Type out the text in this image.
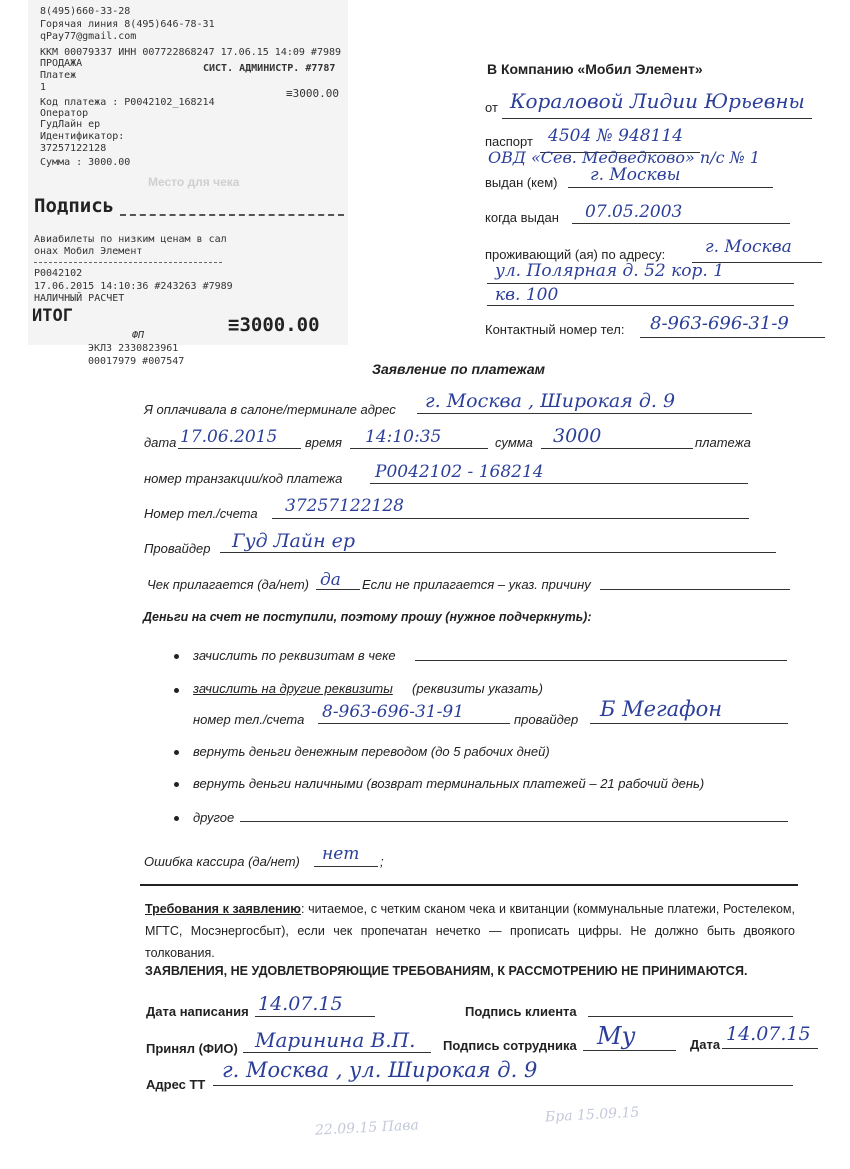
8(495)660-33-28
Горячая линия 8(495)646-78-31
qPay77@gmail.com
ККМ 00079337 ИНН 007722868247 17.06.15 14:09 #7989
ПРОДАЖА
Платеж
1
Код платежа : Р0042102_168214
Оператор
ГудЛайн ер
Идентификатор:
37257122128
Сумма : 3000.00
СИСТ. АДМИНИСТР. #7787
≡3000.00
Место для чека
Подпись
Авиабилеты по низким ценам в сал
онах Мобил Элемент
Р0042102
17.06.2015 14:10:36 #243263 #7989
НАЛИЧНЫЙ РАСЧЕТ
ИТОГ	≡3000.00
ФП
ЭКЛЗ 2330823961
00017979 #007547
В Компанию «Мобил Элемент»
от Кораловой Лидии Юрьевны
паспорт 4504 № 948114
ОВД «Сев. Медведково» п/с № 1
выдан (кем) г. Москвы
когда выдан 07.05.2003
проживающий (ая) по адресу: г. Москва
ул. Полярная д. 52 кор. 1
кв. 100
Контактный номер тел: 8-963-696-31-9
Заявление по платежам
Я оплачивала в салоне/терминале адрес г. Москва , Широкая д. 9
дата 17.06.2015 время 14:10:35	сумма 3000	платежа
номер транзакции/код платежа Р0042102 - 168214
Номер тел./счета 37257122128
Провайдер Гуд Лайн ер
Чек прилагается (да/нет) да Если не прилагается – указ. причину
Деньги на счет не поступили, поэтому прошу (нужное подчеркнуть):
зачислить по реквизитам в чеке
зачислить на другие реквизиты (реквизиты указать)
номер тел./счета 8-963-696-31-91	провайдер Б Мегафон
вернуть деньги денежным переводом (до 5 рабочих дней)
вернуть деньги наличными (возврат терминальных платежей – 21 рабочий день)
другое
Ошибка кассира (да/нет) нет ;
Требования к заявлению: читаемое, с четким сканом чека и квитанции (коммунальные платежи, Ростелеком, МГТС, Мосэнергосбыт), если чек пропечатан нечетко — прописать цифры. Не должно быть двоякого толкования.
ЗАЯВЛЕНИЯ, НЕ УДОВЛЕТВОРЯЮЩИЕ ТРЕБОВАНИЯМ, К РАССМОТРЕНИЮ НЕ ПРИНИМАЮТСЯ.
Дата написания 14.07.15	Подпись клиента
Принял (ФИО) Маринина В.П. Подпись сотрудника Му	Дата 14.07.15
Адрес ТТ
г. Москва , ул. Широкая д. 9
22.09.15 Пава
Бра 15.09.15
